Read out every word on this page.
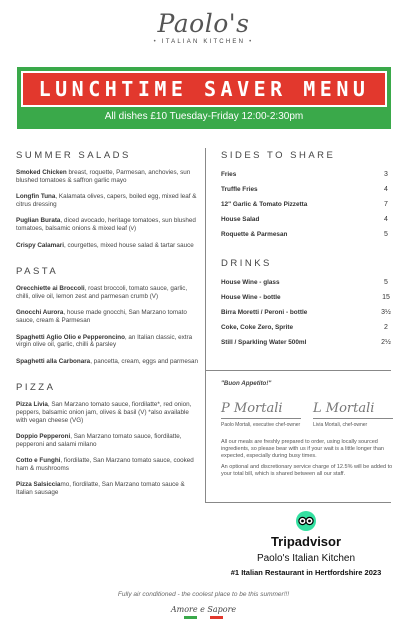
Paolo's
• ITALIAN KITCHEN •
LUNCHTIME SAVER MENU
All dishes £10 Tuesday-Friday 12:00-2:30pm
SUMMER SALADS
Smoked Chicken breast, roquette, Parmesan, anchovies, sun blushed tomatoes & saffron garlic mayo
Longfin Tuna, Kalamata olives, capers, boiled egg, mixed leaf & citrus dressing
Puglian Burata, diced avocado, heritage tomatoes, sun blushed tomatoes, balsamic onions & mixed leaf (v)
Crispy Calamari, courgettes, mixed house salad & tartar sauce
PASTA
Orecchiette ai Broccoli, roast broccoli, tomato sauce, garlic, chilli, olive oil, lemon zest and parmesan crumb (V)
Gnocchi Aurora, house made gnocchi, San Marzano tomato sauce, cream & Parmesan
Spaghetti Aglio Olio e Pepperoncino, an Italian classic, extra virgin olive oil, garlic, chilli & parsley
Spaghetti alla Carbonara, pancetta, cream, eggs and parmesan
PIZZA
Pizza Livia, San Marzano tomato sauce, fiordilatte*, red onion, peppers, balsamic onion jam, olives & basil (V) *also available with vegan cheese (VG)
Doppio Pepperoni, San Marzano tomato sauce, fiordilatte, pepperoni and salami milano
Cotto e Funghi, fiordilatte, San Marzano tomato sauce, cooked ham & mushrooms
Pizza Salsicciamo, fiordilatte, San Marzano tomato sauce & Italian sausage
SIDES TO SHARE
Fries	3
Truffle Fries	4
12" Garlic & Tomato Pizzetta	7
House Salad	4
Roquette & Parmesan	5
DRINKS
House Wine - glass	5
House Wine - bottle	15
Birra Moretti / Peroni - bottle	3½
Coke, Coke Zero, Sprite	2
Still / Sparkling Water 500ml	2½
"Buon Appetito!"
P Mortali
Paolo Mortali, executive chef-owner
L Mortali
Livia Mortali, chef-owner

All our meals are freshly prepared to order, using locally sourced ingredients, so please bear with us if your wait is a little longer than expected, especially during busy times.

An optional and discretionary service charge of 12.5% will be added to your total bill, which is shared between all our staff.

Tripadvisor
Paolo's Italian Kitchen
#1 Italian Restaurant in Hertfordshire 2023
Fully air conditioned - the coolest place to be this summer!!!
Amore e Sapore
